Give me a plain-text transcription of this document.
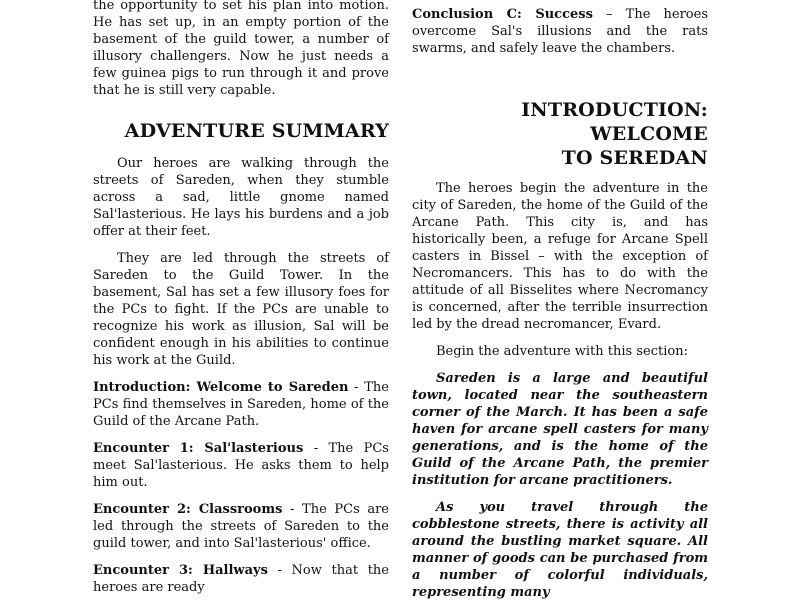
the opportunity to set his plan into motion. He has set up, in an empty portion of the basement of the guild tower, a number of illusory challengers. Now he just needs a few guinea pigs to run through it and prove that he is still very capable.

ADVENTURE SUMMARY

Our heroes are walking through the streets of Sareden, when they stumble across a sad, little gnome named Sal'lasterious. He lays his burdens and a job offer at their feet.

They are led through the streets of Sareden to the Guild Tower. In the basement, Sal has set a few illusory foes for the PCs to fight. If the PCs are unable to recognize his work as illusion, Sal will be confident enough in his abilities to continue his work at the Guild.

Introduction: Welcome to Sareden - The PCs find themselves in Sareden, home of the Guild of the Arcane Path.

Encounter 1: Sal'lasterious - The PCs meet Sal'lasterious. He asks them to help him out.

Encounter 2: Classrooms - The PCs are led through the streets of Sareden to the guild tower, and into Sal'lasterious' office.

Encounter 3: Hallways - Now that the heroes are ready

Conclusion C: Success – The heroes overcome Sal's illusions and the rats swarms, and safely leave the chambers.

INTRODUCTION: WELCOME
TO SEREDAN

The heroes begin the adventure in the city of Sareden, the home of the Guild of the Arcane Path. This city is, and has historically been, a refuge for Arcane Spell casters in Bissel – with the exception of Necromancers. This has to do with the attitude of all Bisselites where Necromancy is concerned, after the terrible insurrection led by the dread necromancer, Evard.

Begin the adventure with this section:

Sareden is a large and beautiful town, located near the southeastern corner of the March. It has been a safe haven for arcane spell casters for many generations, and is the home of the Guild of the Arcane Path, the premier institution for arcane practitioners.

As you travel through the cobblestone streets, there is activity all around the bustling market square. All manner of goods can be purchased from a number of colorful individuals, representing many
